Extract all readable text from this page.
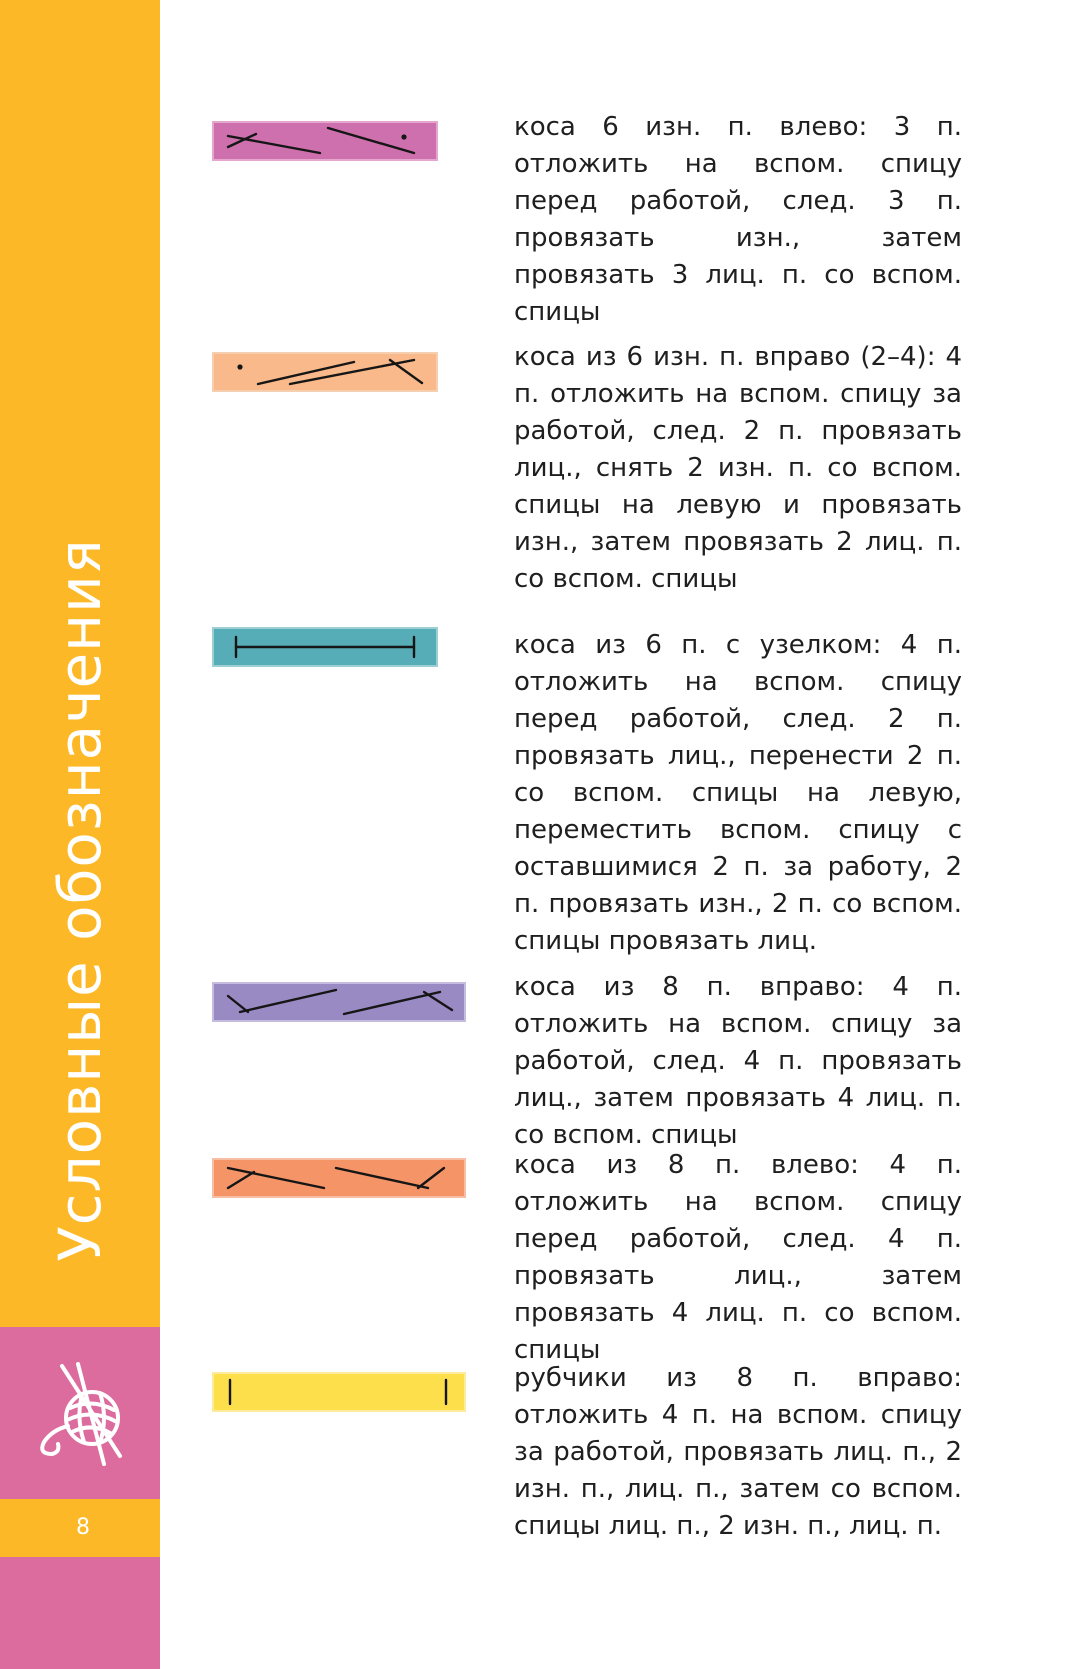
Условные обозначения
8

коса 6 изн. п. влево: 3 п. отложить на вспом. спицу перед работой, след. 3 п. провязать изн., затем провязать 3 лиц. п. со вспом. спицы

коса из 6 изн. п. вправо (2–4): 4 п. отложить на вспом. спицу за работой, след. 2 п. провязать лиц., снять 2 изн. п. со вспом. спицы на левую и провязать изн., затем провязать 2 лиц. п. со вспом. спицы

коса из 6 п. с узелком: 4 п. отложить на вспом. спицу перед работой, след. 2 п. провязать лиц., перенести 2 п. со вспом. спицы на левую, переместить вспом. спицу с оставшимися 2 п. за работу, 2 п. провязать изн., 2 п. со вспом. спицы провязать лиц.

коса из 8 п. вправо: 4 п. отложить на вспом. спицу за работой, след. 4 п. провязать лиц., затем провязать 4 лиц. п. со вспом. спицы

коса из 8 п. влево: 4 п. отложить на вспом. спицу перед работой, след. 4 п. провязать лиц., затем провязать 4 лиц. п. со вспом. спицы

рубчики из 8 п. вправо: отложить 4 п. на вспом. спицу за работой, провязать лиц. п., 2 изн. п., лиц. п., затем со вспом. спицы лиц. п., 2 изн. п., лиц. п.
